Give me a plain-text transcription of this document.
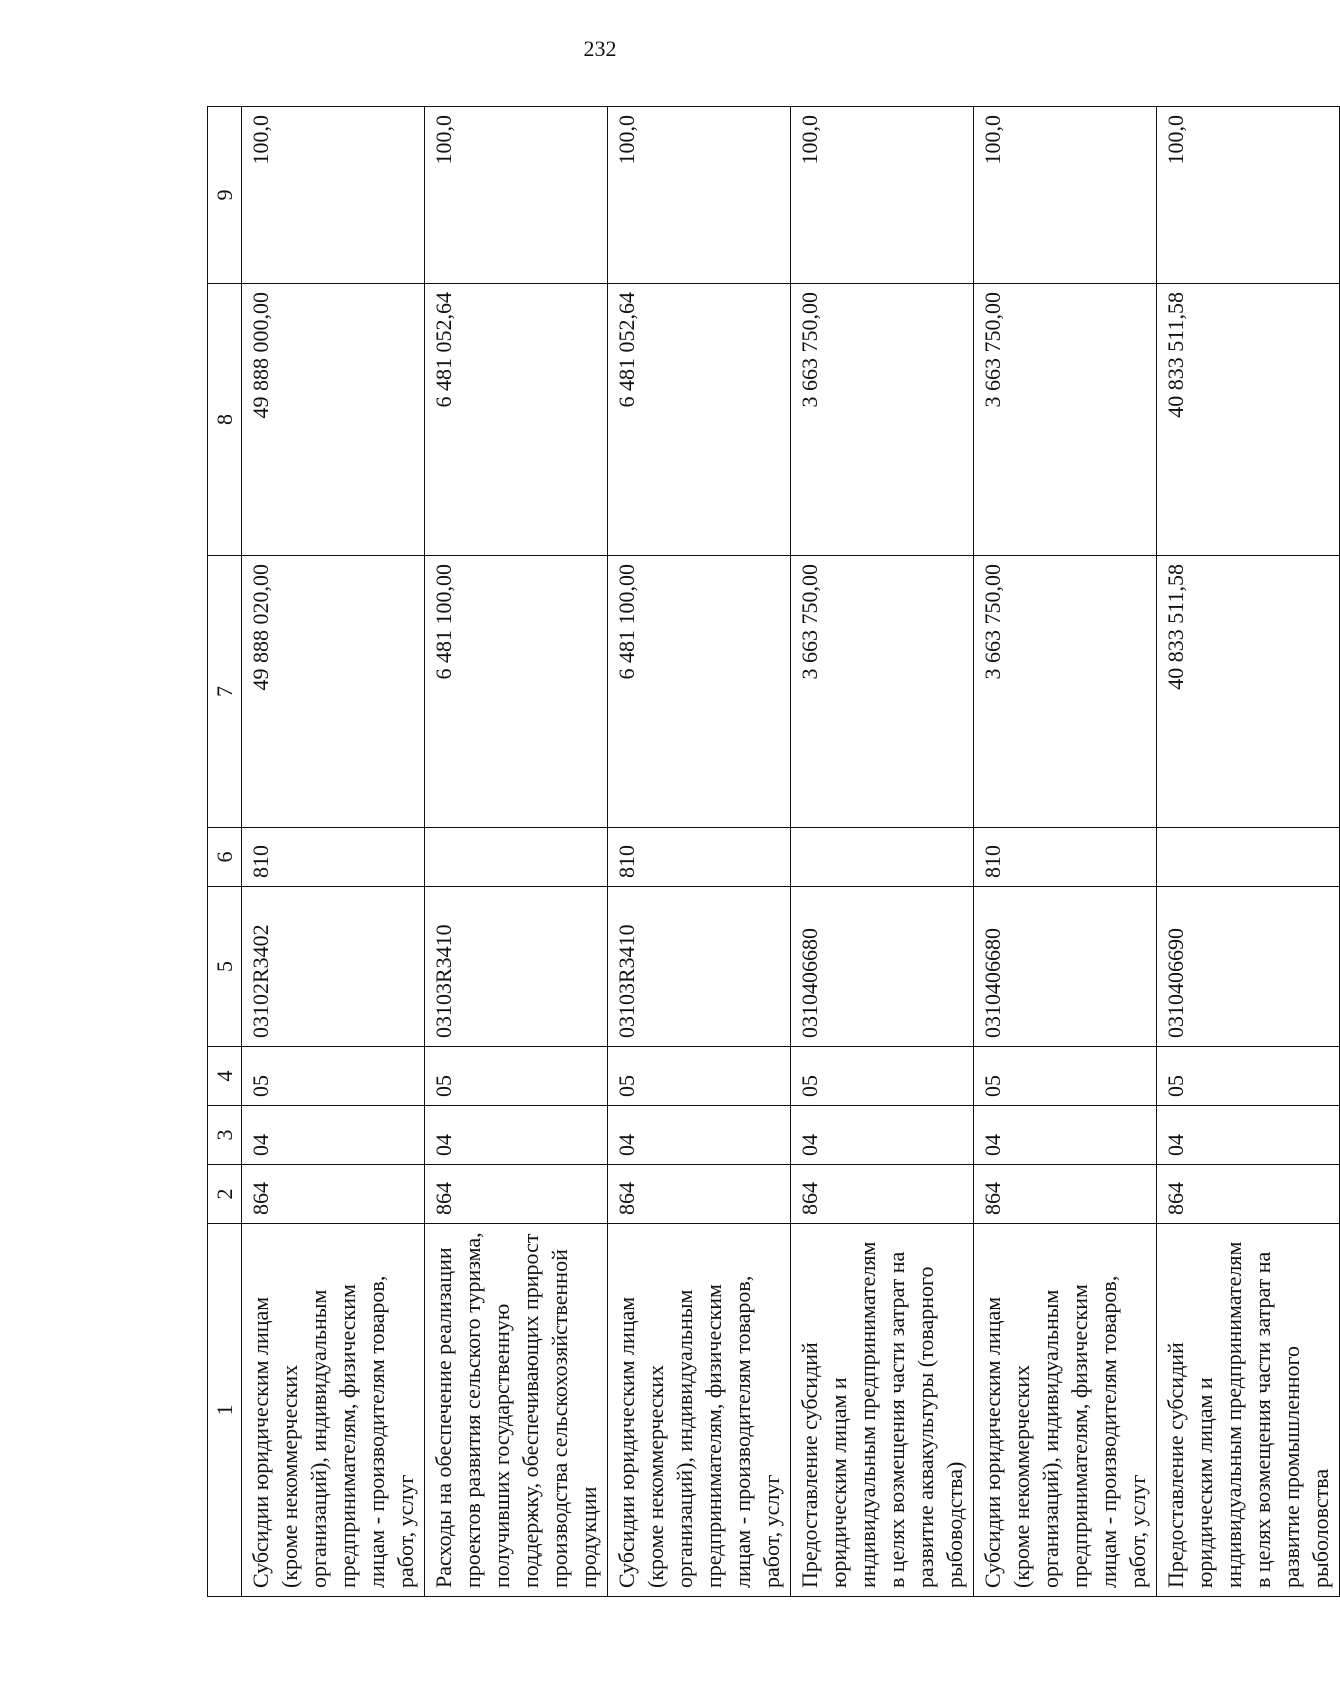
232
1	2	3	4	5	6	7	8	9
Субсидии юридическим лицам (кроме некоммерческих организаций), индивидуальным предпринимателям, физическим лицам - производителям товаров, работ, услуг	864	04	05	03102R3402	810	49 888 020,00	49 888 000,00	100,0
Расходы на обеспечение реализации проектов развития сельского туризма, получивших государственную поддержку, обеспечивающих прирост производства сельскохозяйственной продукции	864	04	05	03103R3410		6 481 100,00	6 481 052,64	100,0
Субсидии юридическим лицам (кроме некоммерческих организаций), индивидуальным предпринимателям, физическим лицам - производителям товаров, работ, услуг	864	04	05	03103R3410	810	6 481 100,00	6 481 052,64	100,0
Предоставление субсидий юридическим лицам и индивидуальным предпринимателям в целях возмещения части затрат на развитие аквакультуры (товарного рыбоводства)	864	04	05	0310406680		3 663 750,00	3 663 750,00	100,0
Субсидии юридическим лицам (кроме некоммерческих организаций), индивидуальным предпринимателям, физическим лицам - производителям товаров, работ, услуг	864	04	05	0310406680	810	3 663 750,00	3 663 750,00	100,0
Предоставление субсидий юридическим лицам и индивидуальным предпринимателям в целях возмещения части затрат на развитие промышленного рыболовства	864	04	05	0310406690		40 833 511,58	40 833 511,58	100,0
